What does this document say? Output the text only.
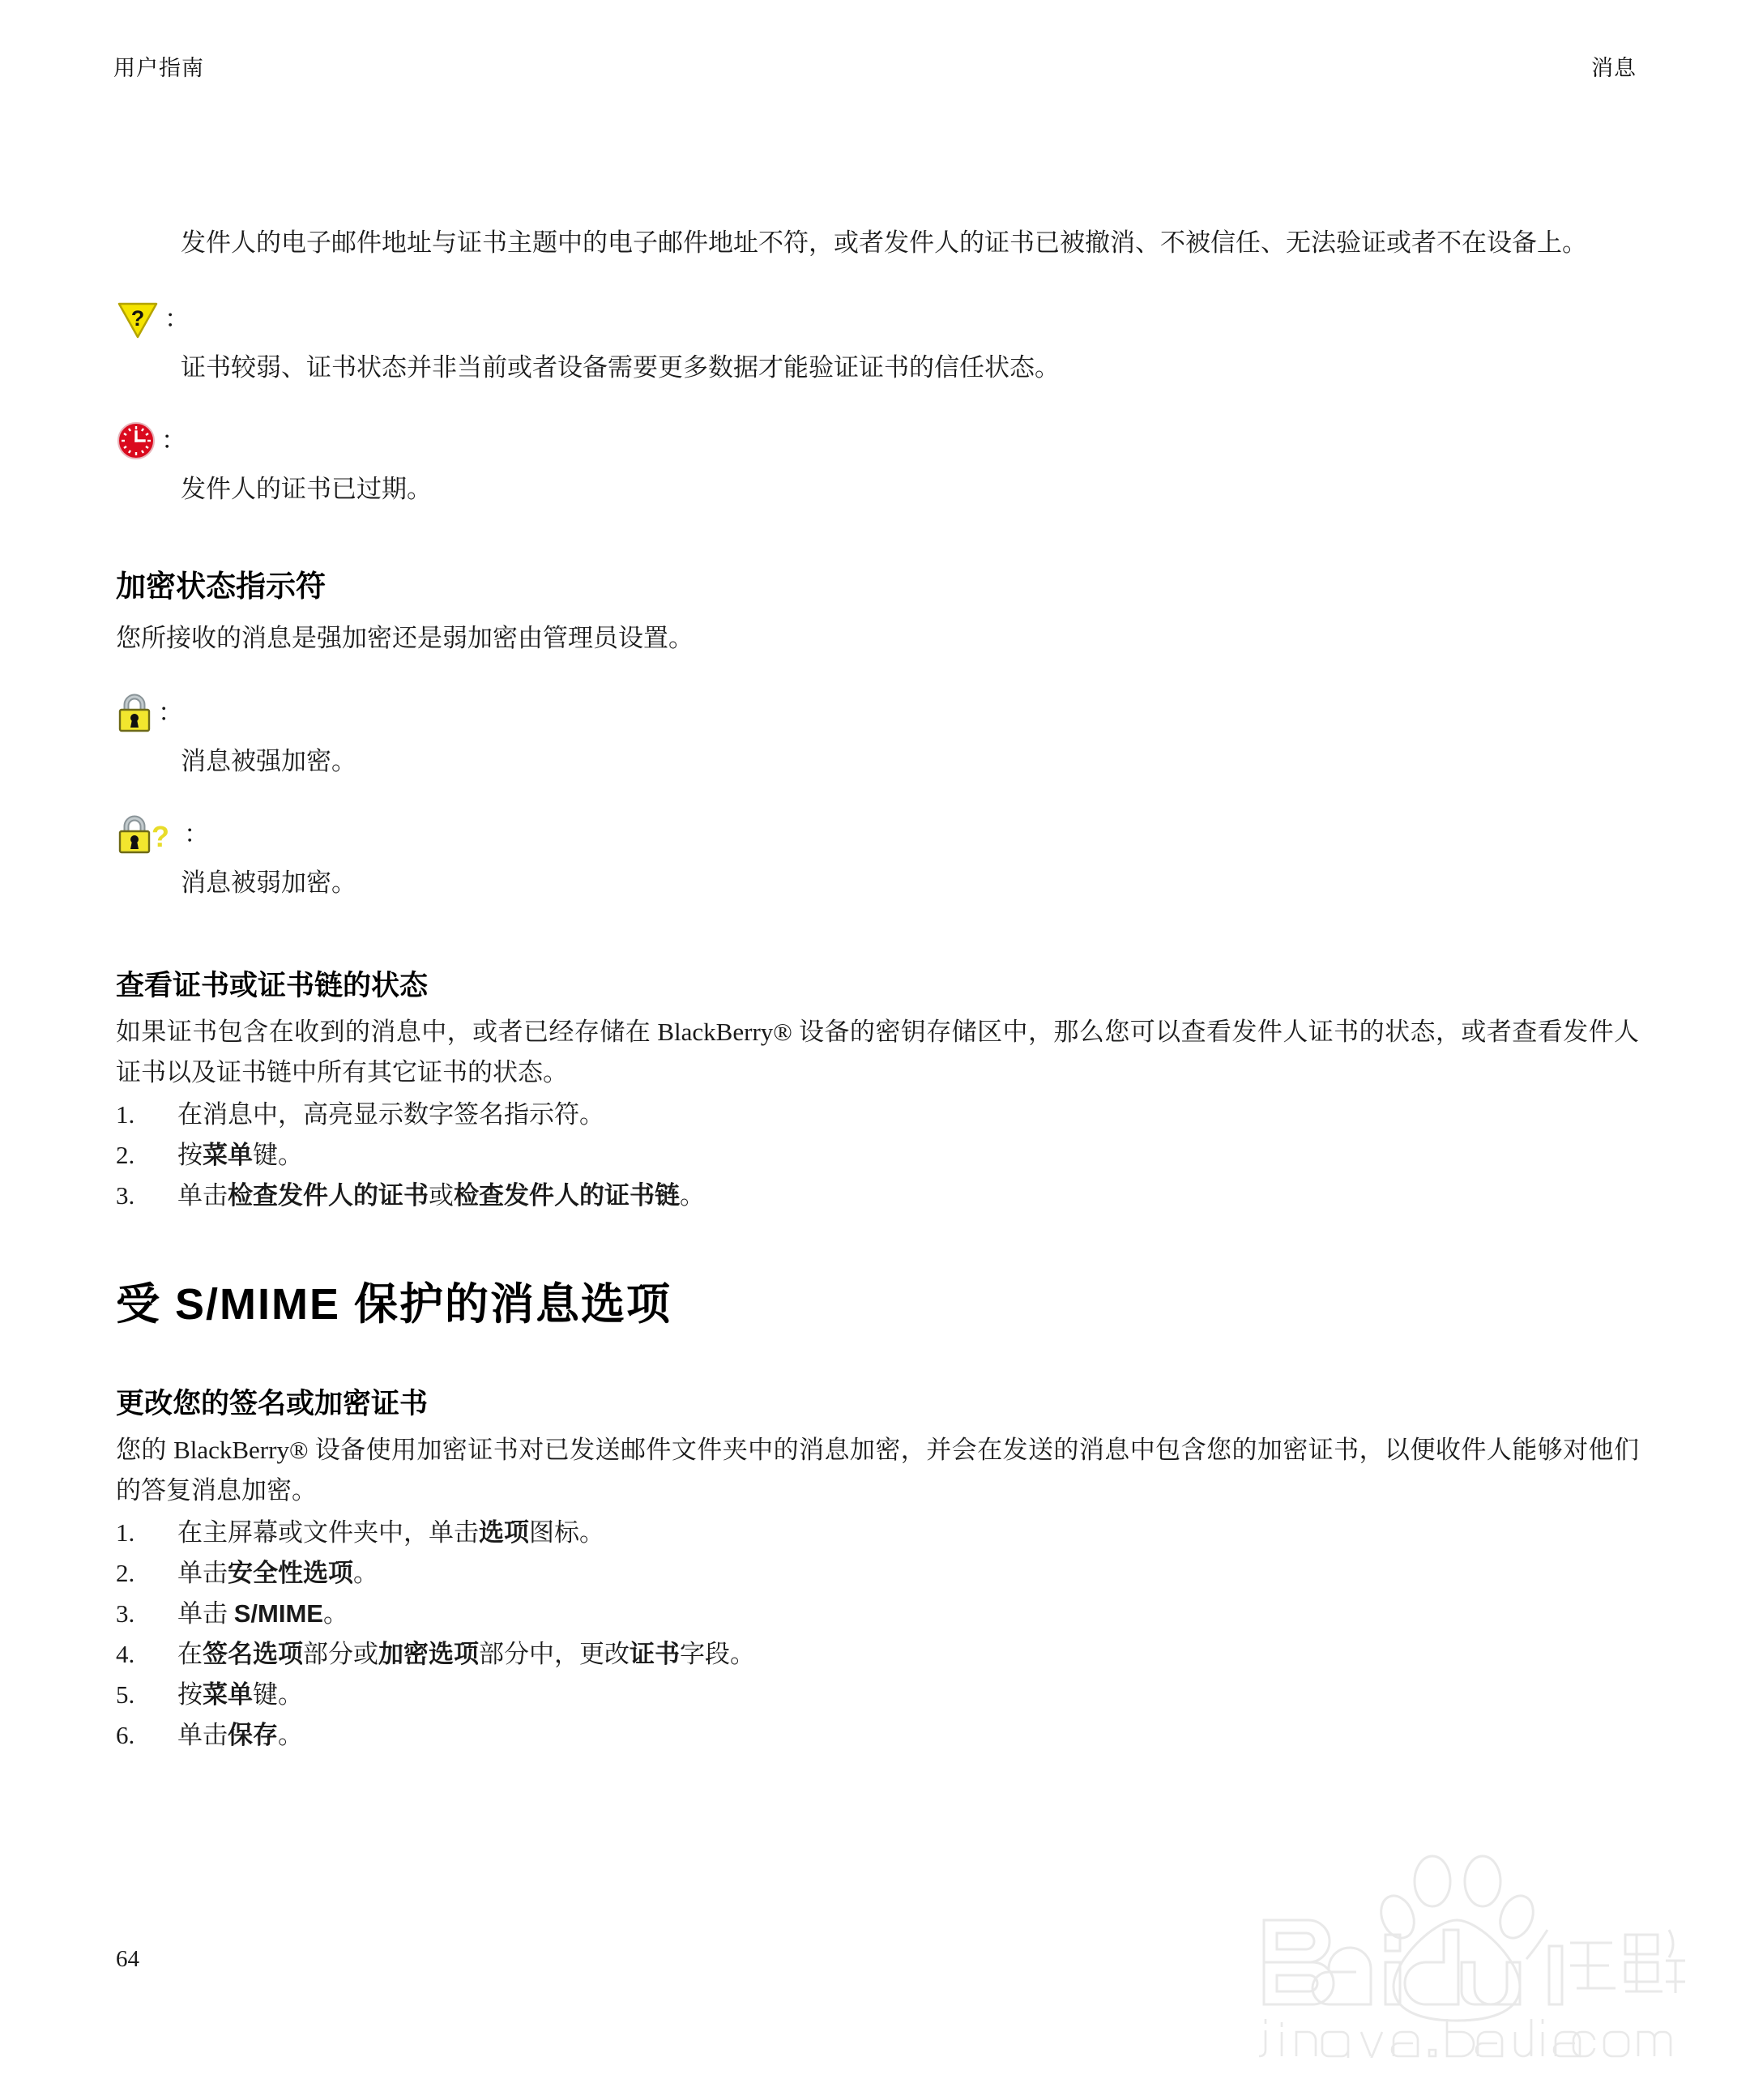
用户指南	消息

发件人的电子邮件地址与证书主题中的电子邮件地址不符，或者发件人的证书已被撤消、不被信任、无法验证或者不在设备上。

? ：

证书较弱、证书状态并非当前或者设备需要更多数据才能验证证书的信任状态。

：

发件人的证书已过期。

加密状态指示符

您所接收的消息是强加密还是弱加密由管理员设置。

：

消息被强加密。

? ：

消息被弱加密。

查看证书或证书链的状态

如果证书包含在收到的消息中，或者已经存储在 BlackBerry® 设备的密钥存储区中，那么您可以查看发件人证书的状态，或者查看发件人证书以及证书链中所有其它证书的状态。

在消息中，高亮显示数字签名指示符。
按菜单键。
单击检查发件人的证书或检查发件人的证书链。
受 S/MIME 保护的消息选项
更改您的签名或加密证书

您的 BlackBerry® 设备使用加密证书对已发送邮件文件夹中的消息加密，并会在发送的消息中包含您的加密证书，以便收件人能够对他们的答复消息加密。

在主屏幕或文件夹中，单击选项图标。
单击安全性选项。
单击 S/MIME。
在签名选项部分或加密选项部分中，更改证书字段。
按菜单键。
单击保存。
64
